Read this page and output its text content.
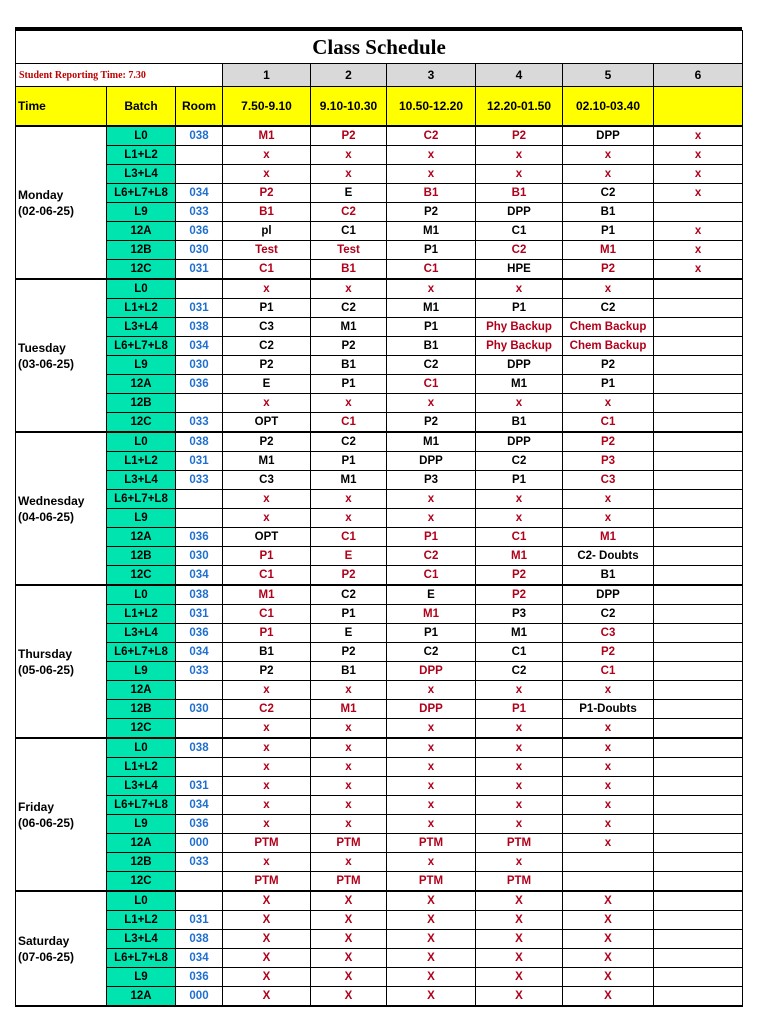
Class Schedule								
Student Reporting Time: 7.30			1	2	3	4	5	6
Time	Batch	Room	7.50-9.10	9.10-10.30	10.50-12.20	12.20-01.50	02.10-03.40	

Monday
(02-06-25)	L0	038	M1	P2	C2	P2	DPP	x
	L1+L2		x	x	x	x	x	x
	L3+L4		x	x	x	x	x	x
	L6+L7+L8	034	P2	E	B1	B1	C2	x
	L9	033	B1	C2	P2	DPP	B1	
	12A	036	pl	C1	M1	C1	P1	x
	12B	030	Test	Test	P1	C2	M1	x
	12C	031	C1	B1	C1	HPE	P2	x

Tuesday
(03-06-25)	L0		x	x	x	x	x	
	L1+L2	031	P1	C2	M1	P1	C2	
	L3+L4	038	C3	M1	P1	Phy Backup	Chem Backup	
	L6+L7+L8	034	C2	P2	B1	Phy Backup	Chem Backup	
	L9	030	P2	B1	C2	DPP	P2	
	12A	036	E	P1	C1	M1	P1	
	12B		x	x	x	x	x	
	12C	033	OPT	C1	P2	B1	C1	

Wednesday
(04-06-25)	L0	038	P2	C2	M1	DPP	P2	
	L1+L2	031	M1	P1	DPP	C2	P3	
	L3+L4	033	C3	M1	P3	P1	C3	
	L6+L7+L8		x	x	x	x	x	
	L9		x	x	x	x	x	
	12A	036	OPT	C1	P1	C1	M1	
	12B	030	P1	E	C2	M1	C2- Doubts	
	12C	034	C1	P2	C1	P2	B1	

Thursday
(05-06-25)	L0	038	M1	C2	E	P2	DPP	
	L1+L2	031	C1	P1	M1	P3	C2	
	L3+L4	036	P1	E	P1	M1	C3	
	L6+L7+L8	034	B1	P2	C2	C1	P2	
	L9	033	P2	B1	DPP	C2	C1	
	12A		x	x	x	x	x	
	12B	030	C2	M1	DPP	P1	P1-Doubts	
	12C		x	x	x	x	x	

Friday
(06-06-25)	L0	038	x	x	x	x	x	
	L1+L2		x	x	x	x	x	
	L3+L4	031	x	x	x	x	x	
	L6+L7+L8	034	x	x	x	x	x	
	L9	036	x	x	x	x	x	
	12A	000	PTM	PTM	PTM	PTM	x	
	12B	033	x	x	x	x		
	12C		PTM	PTM	PTM	PTM		

Saturday
(07-06-25)	L0		X	X	X	X	X	
	L1+L2	031	X	X	X	X	X	
	L3+L4	038	X	X	X	X	X	
	L6+L7+L8	034	X	X	X	X	X	
	L9	036	X	X	X	X	X	
	12A	000	X	X	X	X	X	
